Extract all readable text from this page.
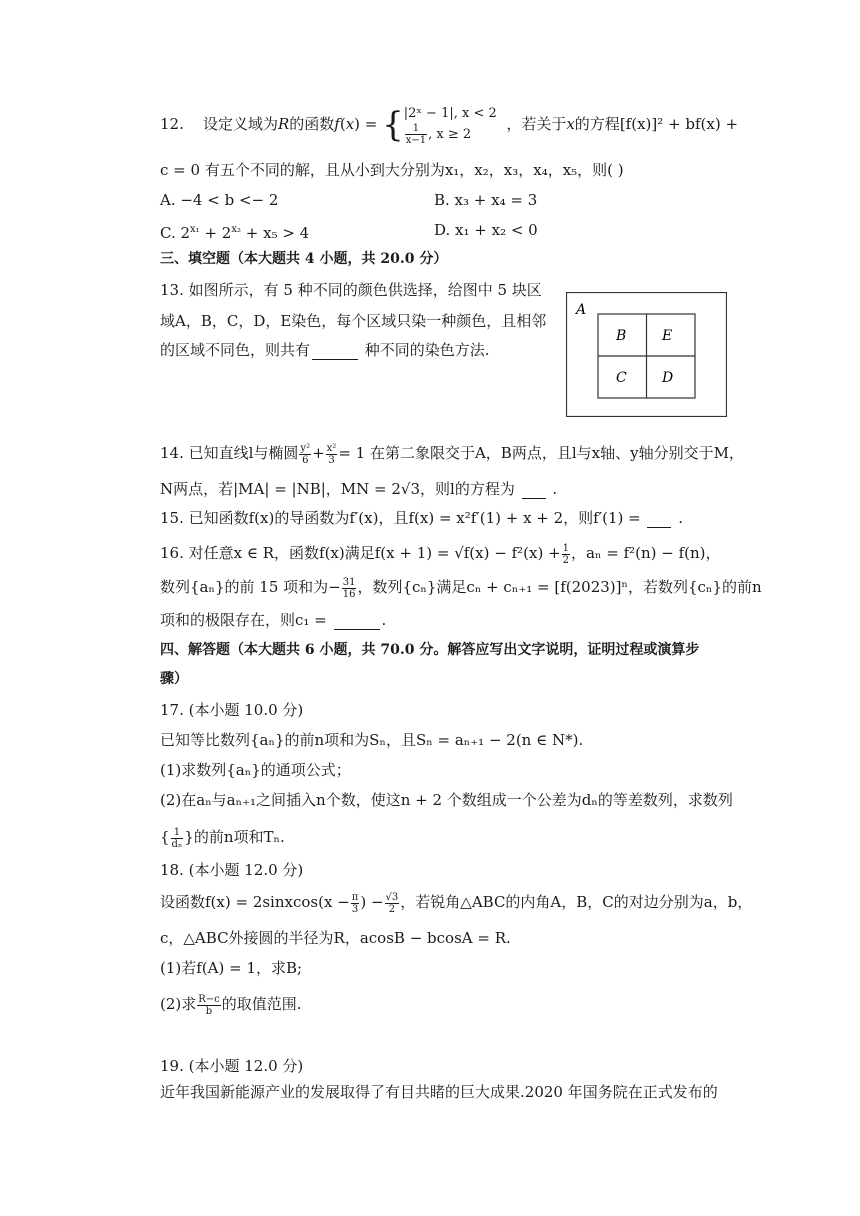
12. 设定义域为R的函数f(x) = { |2ˣ − 1|, x < 2
$\frac{1}{x-1}$ , x ≥ 2
，若关于x的方程[f(x)]² + bf(x) +
c = 0 有五个不同的解，且从小到大分别为x₁，x₂，x₃，x₄，x₅，则( )
A. −4 < b <− 2	B. x₃ + x₄ = 3
C. $2^{x_1} + 2^{x_2} + x_5 > 4$	D. x₁ + x₂ < 0
三、填空题（本大题共 4 小题，共 20.0 分）
13. 如图所示，有 5 种不同的颜色供选择，给图中 5 块区
域A，B，C，D，E染色，每个区域只染一种颜色，且相邻
的区域不同色，则共有	种不同的染色方法.
A
B	E
C	D
14. 已知直线l与椭圆 $\frac{\text{y²}}{6} + \frac{\text{x²}}{3} = 1$ 在第二象限交于A，B两点，且l与x轴、y轴分别交于M，
N两点，若|MA| = |NB|，MN = 2√3，则l的方程为  .
15. 已知函数f(x)的导函数为f′(x)，且f(x) = x²f′(1) + x + 2，则f′(1) =  .
16. 对任意x ∈ R，函数f(x)满足$f(x + 1) = √f(x) - f^2(x) + \frac{1}{2}$ ，aₙ = f²(n) − f(n)，
数列{aₙ}的前 15 项和为− $\frac{31}{16}$ ，数列{cₙ}满足cₙ + cₙ₊₁ = [f(2023)]ⁿ，若数列{cₙ}的前n
项和的极限存在，则c₁ =	.
四、解答题（本大题共 6 小题，共 70.0 分。解答应写出文字说明，证明过程或演算步
骤）
17. (本小题 10.0 分)
已知等比数列{aₙ}的前n项和为Sₙ，且Sₙ = aₙ₊₁ − 2(n ∈ N*).
(1)求数列{aₙ}的通项公式；
(2)在aₙ与aₙ₊₁之间插入n个数，使这n + 2 个数组成一个公差为dₙ的等差数列，求数列
{ $\frac{1}{\text{dₙ}}$ }的前n项和Tₙ.
18. (本小题 12.0 分)
设函数f(x) = 2sinxcos(x − $\frac{\pi}{3}$ ) − $\frac{√3}{2}$ ，若锐角△ABC的内角A，B，C的对边分别为a，b，
c，△ABC外接圆的半径为R，acosB − bcosA = R.
(1)若f(A) = 1，求B;
(2)求 $\frac{R-c}{b}$ 的取值范围.
19. (本小题 12.0 分)
近年我国新能源产业的发展取得了有目共睹的巨大成果.2020 年国务院在正式发布的
